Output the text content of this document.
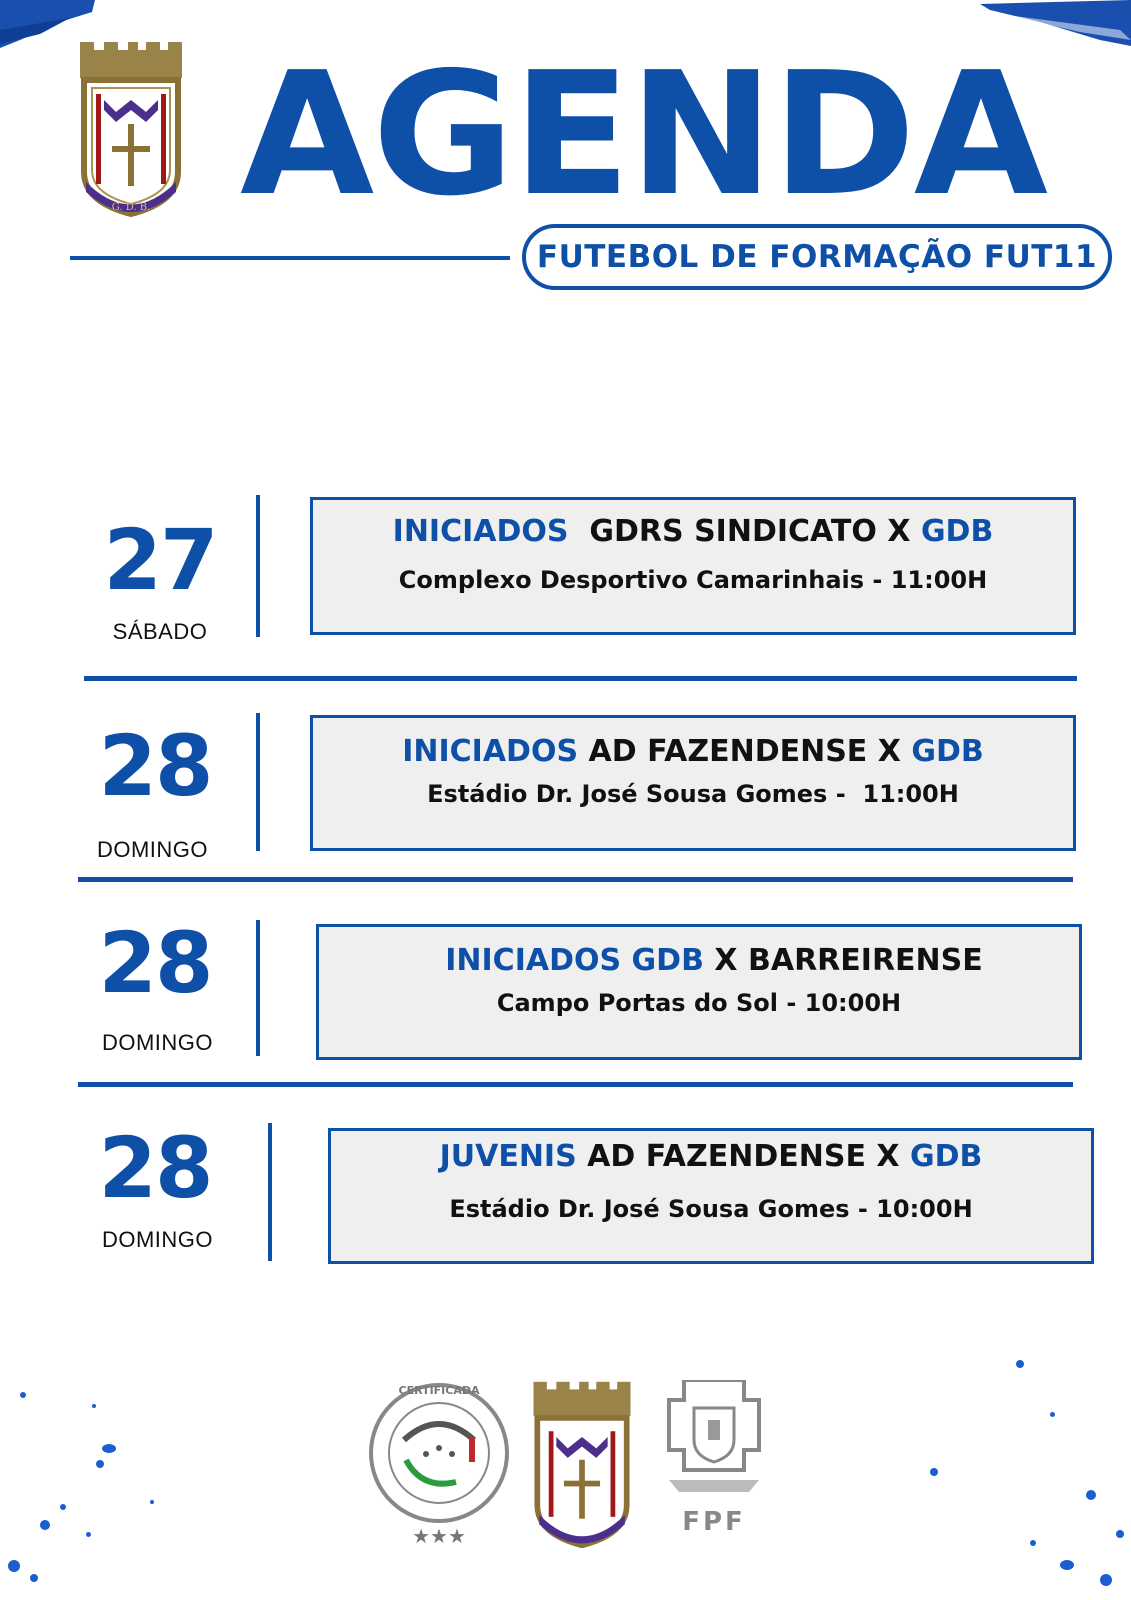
G. D. B. AGENDA
FUTEBOL DE FORMAÇÃO FUT11
27
SÁBADO
INICIADOS GDRS SINDICATO X GDB
Complexo Desportivo Camarinhais - 11:00H
28
DOMINGO
INICIADOS AD FAZENDENSE X GDB
Estádio Dr. José Sousa Gomes -  11:00H
28
DOMINGO
INICIADOS GDB X BARREIRENSE
Campo Portas do Sol - 10:00H
28
DOMINGO
JUVENIS AD FAZENDENSE X GDB
Estádio Dr. José Sousa Gomes - 10:00H
CERTIFICADA
★★★	FPF
